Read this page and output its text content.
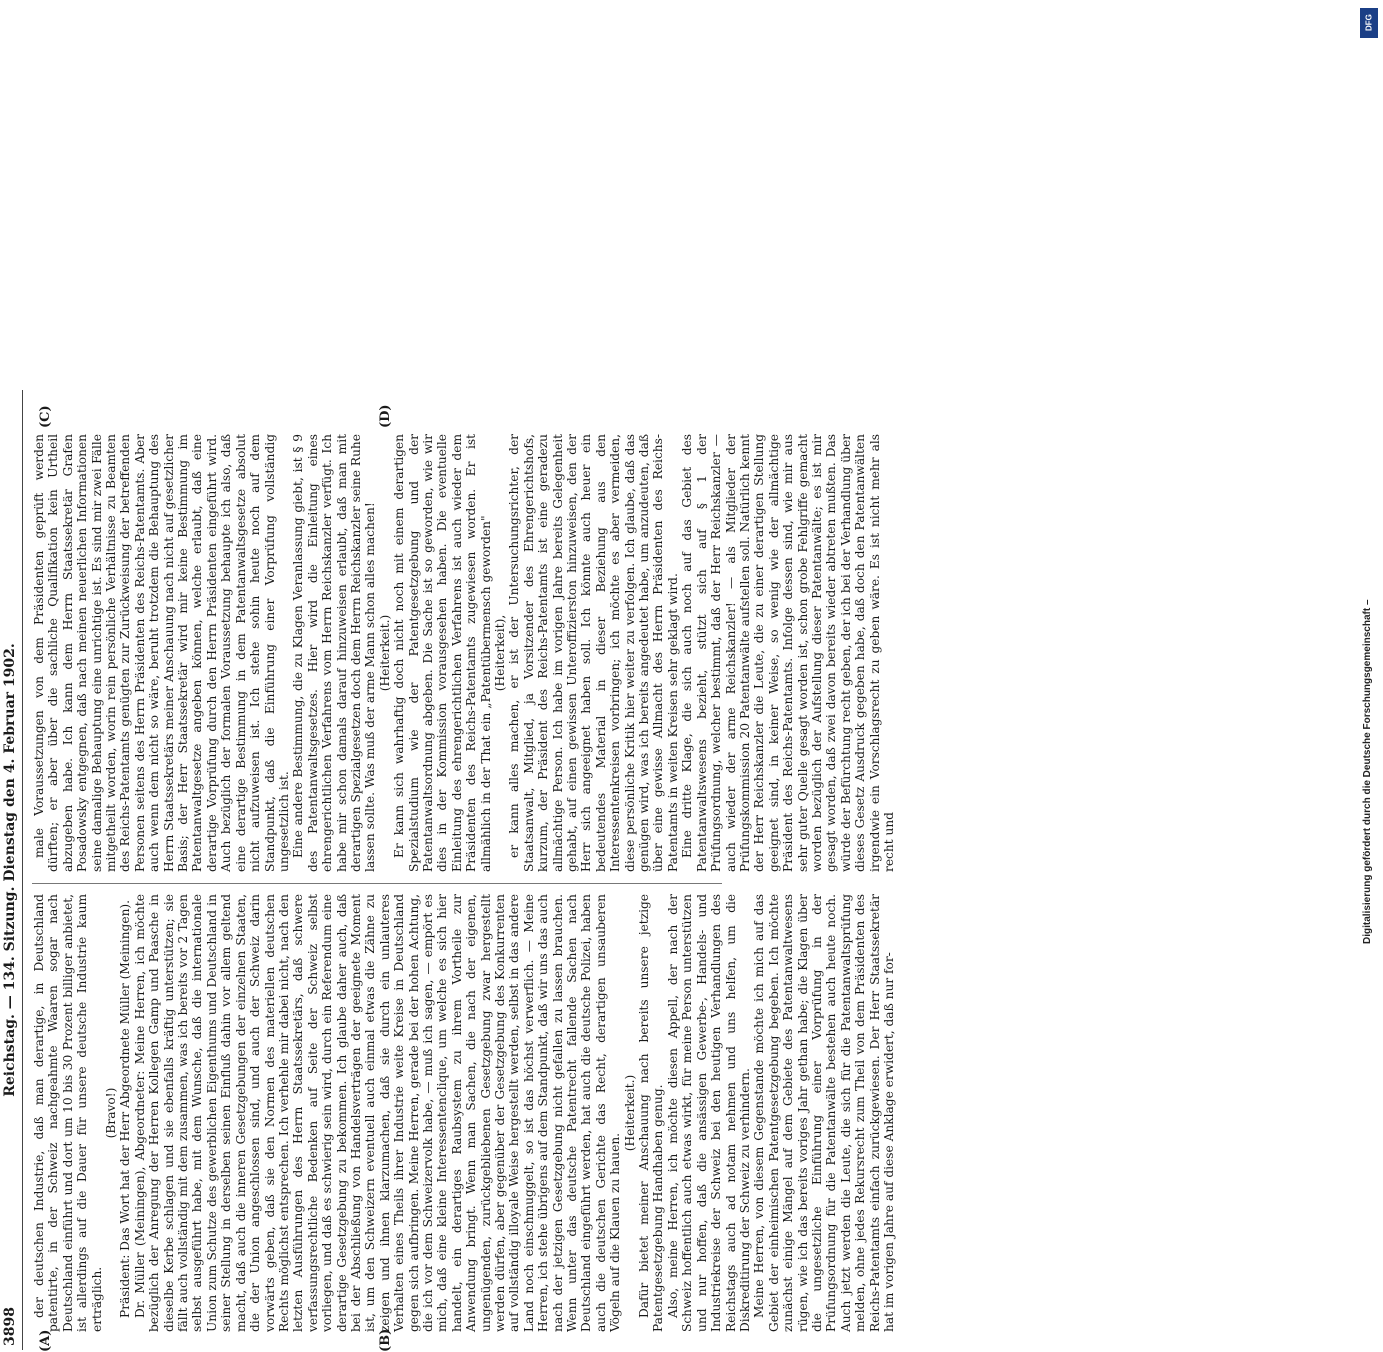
3898
Reichstag. — 134. Sitzung. Dienstag den 4. Februar 1902.
(A)	(B)
(C)	(D)

der deutschen Industrie, daß man derartige, in Deutschland patentirte, in der Schweiz nachgeahmte Waaren sogar nach Deutschland einführt und dort um 10 bis 30 Prozent billiger anbietet, ist allerdings auf die Dauer für unsere deutsche Industrie kaum erträglich.

(Bravo!) Präsident: Das Wort hat der Herr Abgeordnete Müller (Meiningen). Dr. Müller (Meiningen), Abgeordneter: Meine Herren, ich möchte bezüglich der Anregung der Herren Kollegen Gamp und Paasche in dieselbe Kerbe schlagen und sie ebenfalls kräftig unterstützen; sie fällt auch vollständig mit dem zusammen, was ich bereits vor 2 Tagen selbst ausgeführt habe, mit dem Wunsche, daß die internationale Union zum Schutze des gewerblichen Eigenthums und Deutschland in seiner Stellung in derselben seinen Einfluß dahin vor allem geltend macht, daß auch die inneren Gesetzgebungen der einzelnen Staaten, die der Union angeschlossen sind, und auch der Schweiz darin vorwärts geben, daß sie den Normen des materiellen deutschen Rechts möglichst entsprechen. Ich verhehle mir dabei nicht, nach den letzten Ausführungen des Herrn Staatssekretärs, daß schwere verfassungsrechtliche Bedenken auf Seite der Schweiz selbst vorliegen, und daß es schwierig sein wird, durch ein Referendum eine derartige Gesetzgebung zu bekommen. Ich glaube daher auch, daß bei der Abschließung von Handelsverträgen der geeignete Moment ist, um den Schweizern eventuell auch einmal etwas die Zähne zu zeigen und ihnen klarzumachen, daß sie durch ein unlauteres Verhalten eines Theils ihrer Industrie weite Kreise in Deutschland gegen sich aufbringen. Meine Herren, gerade bei der hohen Achtung, die ich vor dem Schweizervolk habe, — muß ich sagen, — empört es mich, daß eine kleine Interessentenclique, um welche es sich hier handelt, ein derartiges Raubsystem zu ihrem Vortheile zur Anwendung bringt. Wenn man Sachen, die nach der eigenen, ungenügenden, zurückgebliebenen Gesetzgebung zwar hergestellt werden dürfen, aber gegenüber der Gesetzgebung des Konkurrenten auf vollständig illoyale Weise hergestellt werden, selbst in das andere Land noch einschmuggelt, so ist das höchst verwerflich. — Meine Herren, ich stehe übrigens auf dem Standpunkt, daß wir uns das auch nach der jetzigen Gesetzgebung nicht gefallen zu lassen brauchen. Wenn unter das deutsche Patentrecht fallende Sachen nach Deutschland eingeführt werden, hat auch die deutsche Polizei, haben auch die deutschen Gerichte das Recht, derartigen unsauberen Vögeln auf die Klauen zu hauen.

(Heiterkeit.) Dafür bietet meiner Anschauung nach bereits unsere jetzige Patentgesetzgebung Handhaben genug. Also, meine Herren, ich möchte diesen Appell, der nach der Schweiz hoffentlich auch etwas wirkt, für meine Person unterstützen und nur hoffen, daß die ansässigen Gewerbe-, Handels- und Industriekreise der Schweiz bei den heutigen Verhandlungen des Reichstags auch ad notam nehmen und uns helfen, um die Diskreditirung der Schweiz zu verhindern. Meine Herren, von diesem Gegenstande möchte ich mich auf das Gebiet der einheimischen Patentgesetzgebung begeben. Ich möchte zunächst einige Mängel auf dem Gebiete des Patentanwaltwesens rügen, wie ich das bereits voriges Jahr gethan habe; die Klagen über die ungesetzliche Einführung einer Vorprüfung in der Prüfungsordnung für die Patentanwälte bestehen auch heute noch. Auch jetzt werden die Leute, die sich für die Patentanwaltsprüfung melden, ohne jedes Rekursrecht zum Theil von dem Präsidenten des Reichs-Patentamts einfach zurückgewiesen. Der Herr Staatssekretär hat im vorigen Jahre auf diese Anklage erwidert, daß nur for-

male Voraussetzungen von dem Präsidenten geprüft werden dürften; er aber über die sachliche Qualifikation kein Urtheil abzugeben habe. Ich kann dem Herrn Staatssekretär Grafen Posadowsky entgegnen, daß nach meinen neuerlichen Informationen seine damalige Behauptung eine unrichtige ist. Es sind mir zwei Fälle mitgetheilt worden, worin rein persönliche Verhältnisse zu Beamten des Reichs-Patentamts genügten zur Zurückweisung der betreffenden Personen seitens des Herrn Präsidenten des Reichs-Patentamts. Aber auch wenn dem nicht so wäre, beruht trotzdem die Behauptung des Herrn Staatssekretärs meiner Anschauung nach nicht auf gesetzlicher Basis; der Herr Staatssekretär wird mir keine Bestimmung im Patentanwaltgesetze angeben können, welche erlaubt, daß eine derartige Vorprüfung durch den Herrn Präsidenten eingeführt wird. Auch bezüglich der formalen Voraussetzung behaupte ich also, daß eine derartige Bestimmung in dem Patentanwaltsgesetze absolut nicht aufzuweisen ist. Ich stehe sohin heute noch auf dem Standpunkt, daß die Einführung einer Vorprüfung vollständig ungesetzlich ist. Eine andere Bestimmung, die zu Klagen Veranlassung giebt, ist § 9 des Patentanwaltsgesetzes. Hier wird die Einleitung eines ehrengerichtlichen Verfahrens vom Herrn Reichskanzler verfügt. Ich habe mir schon damals darauf hinzuweisen erlaubt, daß man mit derartigen Spezialgesetzen doch dem Herrn Reichskanzler seine Ruhe lassen sollte. Was muß der arme Mann schon alles machen! (Heiterkeit.) Er kann sich wahrhaftig doch nicht noch mit einem derartigen Spezialstudium wie der Patentgesetzgebung und der Patentanwaltsordnung abgeben. Die Sache ist so geworden, wie wir dies in der Kommission vorausgesehen haben. Die eventuelle Einleitung des ehrengerichtlichen Verfahrens ist auch wieder dem Präsidenten des Reichs-Patentamts zugewiesen worden. Er ist allmählich in der That ein „Patentübermensch geworden" (Heiterkeit), er kann alles machen, er ist der Untersuchungsrichter, der Staatsanwalt, Mitglied, ja Vorsitzender des Ehrengerichtshofs, kurzum, der Präsident des Reichs-Patentamts ist eine geradezu allmächtige Person. Ich habe im vorigen Jahre bereits Gelegenheit gehabt, auf einen gewissen Unteroffizierston hinzuweisen, den der Herr sich angeeignet haben soll. Ich könnte auch heuer ein bedeutendes Material in dieser Beziehung aus den Interessentenkreisen vorbringen; ich möchte es aber vermeiden, diese persönliche Kritik hier weiter zu verfolgen. Ich glaube, daß das genügen wird, was ich bereits angedeutet habe, um anzudeuten, daß über eine gewisse Allmacht des Herrn Präsidenten des Reichs-Patentamts in weiten Kreisen sehr geklagt wird. Eine dritte Klage, die sich auch noch auf das Gebiet des Patentanwaltswesens bezieht, stützt sich auf § 1 der Prüfungsordnung, welcher bestimmt, daß der Herr Reichskanzler — auch wieder der arme Reichskanzler! — als Mitglieder der Prüfungskommission 20 Patentanwälte aufstellen soll. Natürlich kennt der Herr Reichskanzler die Leute, die zu einer derartigen Stellung geeignet sind, in keiner Weise, so wenig wie der allmächtige Präsident des Reichs-Patentamts. Infolge dessen sind, wie mir aus sehr guter Quelle gesagt worden ist, schon grobe Fehlgriffe gemacht worden bezüglich der Aufstellung dieser Patentanwälte; es ist mir gesagt worden, daß zwei davon bereits wieder abtreten mußten. Das würde der Befürchtung recht geben, der ich bei der Verhandlung über dieses Gesetz Ausdruck gegeben habe, daß doch den Patentanwälten irgendwie ein Vorschlagsrecht zu geben wäre. Es ist nicht mehr als recht und

DFG
Digitalisierung gefördert durch die Deutsche Forschungsgemeinschaft –
